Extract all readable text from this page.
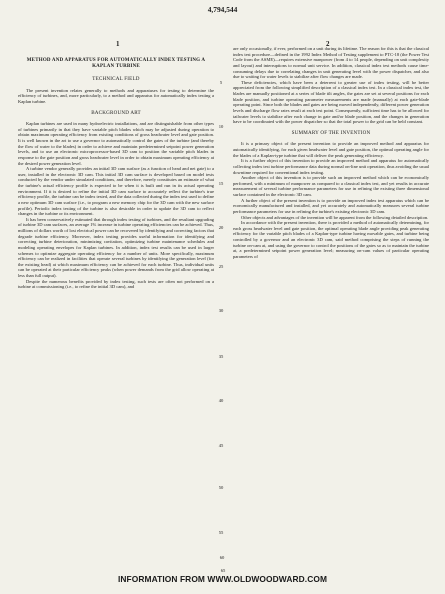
4,794,544
1	2
METHOD AND APPARATUS FOR AUTOMATICALLY INDEX TESTING A KAPLAN TURBINE
TECHNICAL FIELD

The present invention relates generally to methods and apparatuses for testing to determine the efficiency of turbines, and, more particularly, to a method and apparatus for automatically index testing a Kaplan turbine.

BACKGROUND ART

Kaplan turbines are used in many hydroelectric installations, and are distinguishable from other types of turbines primarily in that they have variable pitch blades which may be adjusted during operation to obtain maximum operating efficiency from existing conditions of gross headwater level and gate position. It is well known in the art to use a governor to automatically control the gates of the turbine (and thereby the flow of water to the blades) in order to achieve and maintain predetermined setpoint power generation levels, and to use an electronic microprocessor-based 3D cam to position the variable pitch blades in response to the gate position and gross headwater level in order to obtain maximum operating efficiency at the desired power generation level.

A turbine vendor generally provides an initial 3D cam surface (as a function of head and net gate) to a user, installed in the electronic 3D cam. This initial 3D cam surface is developed based on model tests conducted by the vendor under simulated conditions, and therefore, merely constitutes an estimate of what the turbine's actual efficiency profile is expected to be when it is built and run in its actual operating environment. If it is desired to refine the initial 3D cam surface to accurately reflect the turbine's true efficiency profile, the turbine can be index tested, and the data collected during the index test used to define a new optimum 3D cam surface (i.e., to program a new memory chip for the 3D cam with the new surface profile). Periodic index testing of the turbine is also desirable in order to update the 3D cam to reflect changes in the turbine or its environment.

It has been conservatively estimated that through index testing of turbines, and the resultant upgrading of turbine 3D cam surfaces, an average 1% increase in turbine operating efficiencies can be achieved. Thus, millions of dollars worth of lost electrical power can be recovered by identifying and correcting factors that degrade turbine efficiency. Moreover, index testing provides useful information for identifying and correcting turbine deterioration, minimizing cavitation, optimizing turbine maintenance schedules and modeling operating envelopes for Kaplan turbines. In addition, index test results can be used in larger schemes to optimize aggregate operating efficiency for a number of units. More specifically, maximum efficiency can be realized in facilities that operate several turbines by identifying the generation level (for the existing head) at which maximum efficiency can be achieved for each turbine. Thus, individual units can be operated at their particular efficiency peaks (when power demands from the grid allow operating at less than full output).

Despite the numerous benefits provided by index testing, such tests are often not performed on a turbine at commissioning (i.e., to refine the initial 3D cam), and

5
10
15
20
25
30
35
40
45
50
55
60
65

are only occasionally, if ever, performed on a unit during its lifetime. The reason for this is that the classical index test procedure—defined in the 1992 Index Method of Testing supplement to PTC-18 (the Power Test Code from the ASME)—requires extensive manpower (from 4 to 14 people, depending on unit complexity and layout) and interruptions to normal unit service. In addition, classical index test methods cause time-consuming delays due to correlating changes in unit generating level with the power dispatcher, and also due to waiting for water levels to stabilize after flow changes are made.

These deficiencies, which have been a deterrent to greater use of index testing, will be better appreciated from the following simplified description of a classical index test. In a classical index test, the blades are manually positioned at a series of blade tilt angles, the gates are set at several positions for each blade position, and turbine operating parameter measurements are made (manually) at each gate-blade operating point. Since both the blades and gates are being moved independently, different power generation levels and discharge flow rates result at each test point. Consequently, sufficient time has to be allowed for tailwater levels to stabilize after each change in gate and/or blade position, and the changes in generation have to be coordinated with the power dispatcher so that the total power to the grid can be held constant.

SUMMARY OF THE INVENTION

It is a primary object of the present invention to provide an improved method and apparatus for automatically identifying, for each given headwater level and gate position, the optimal operating angle for the blades of a Kaplan-type turbine that will deliver the peak generating efficiency.

It is a further object of this invention to provide an improved method and apparatus for automatically collecting index test turbine performance data during normal on-line unit operation, thus avoiding the usual downtime required for conventional index testing.

Another object of this invention is to provide such an improved method which can be economically performed, with a minimum of manpower as compared to a classical index test, and yet results in accurate measurement of several turbine performance parameters for use in refining the existing three dimensional surface contained in the electronic 3D cam.

A further object of the present invention is to provide an improved index test apparatus which can be economically manufactured and installed, and yet accurately and automatically measures several turbine performance parameters for use in refining the turbine's existing electronic 3D cam.

Other objects and advantages of the invention will be apparent from the following detailed description.

In accordance with the present invention, there is provided a method of automatically determining, for each gross headwater level and gate position, the optimal operating blade angle providing peak generating efficiency for the variable pitch blades of a Kaplan-type turbine having movable gates, and turbine being controlled by a governor and an electronic 3D cam, said method comprising the steps of running the turbine on-cam at, and using the governor to control the positions of the gates so as to maintain the turbine at, a predetermined setpoint power generation level; measuring on-cam values of particular operating parameters of

INFORMATION FROM WWW.OLDWOODWARD.COM
